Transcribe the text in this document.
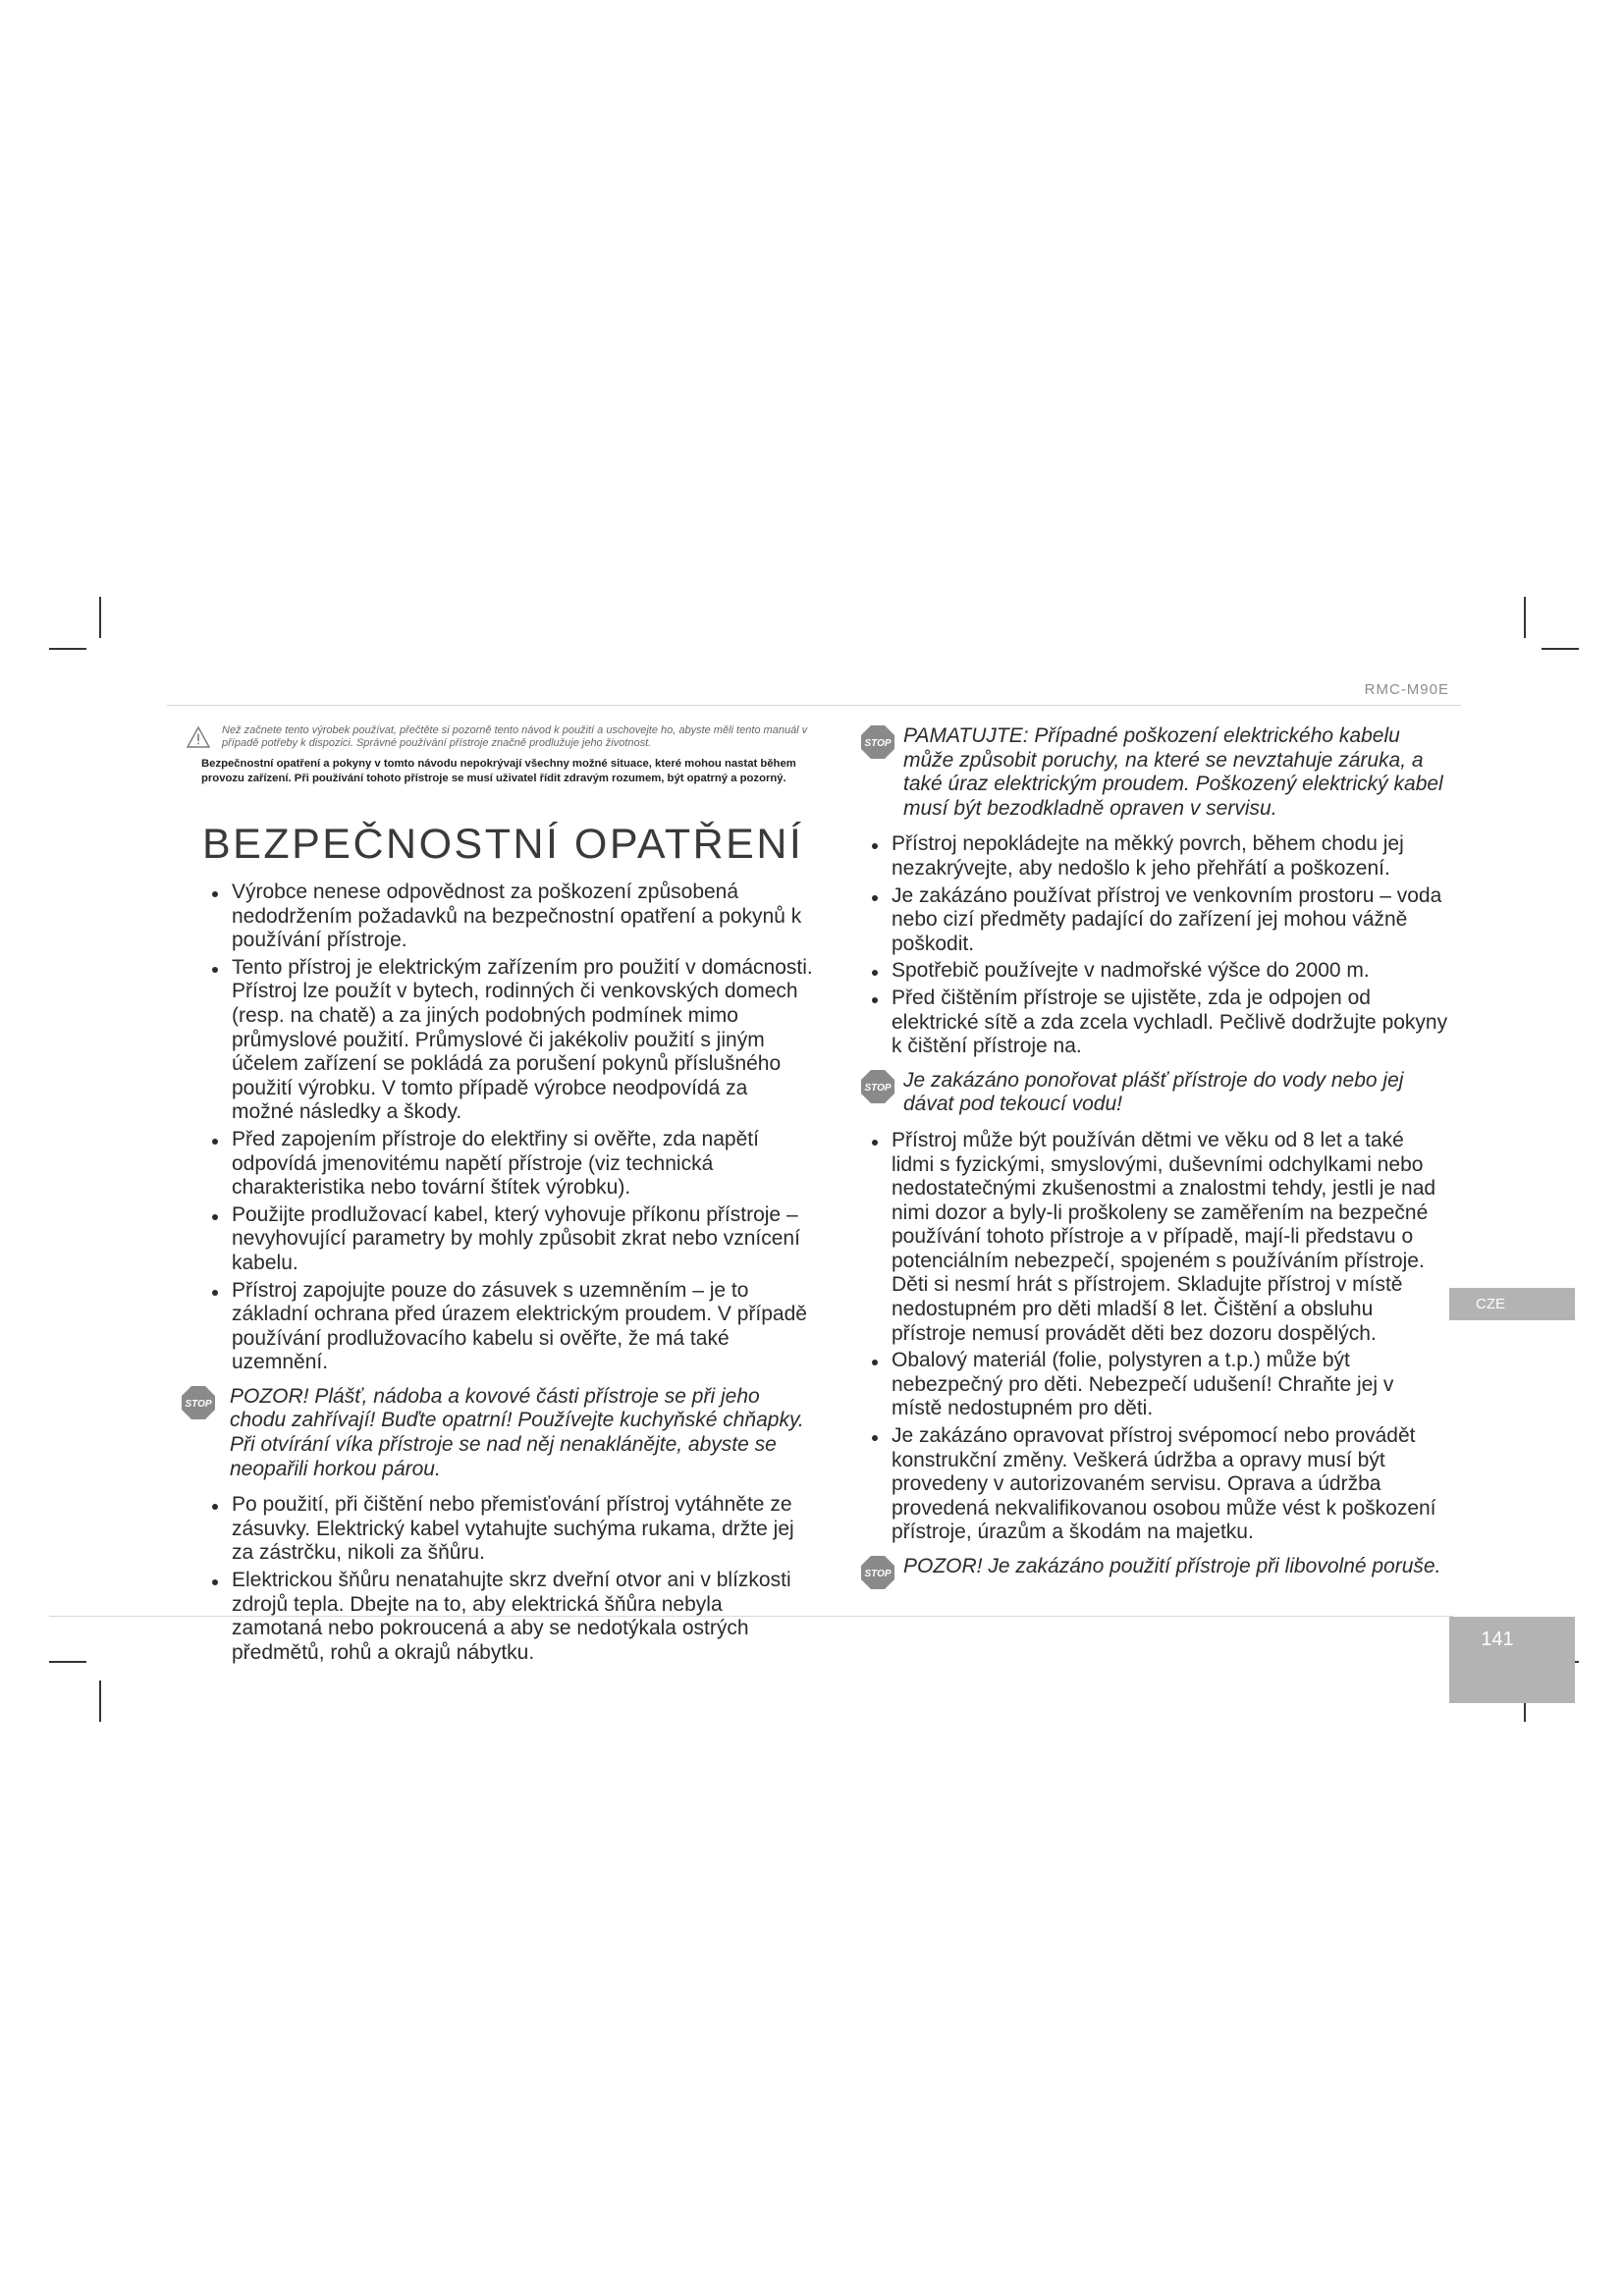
RMC-M90E

Než začnete tento výrobek používat, přečtěte si pozorně tento návod k použití a uschovejte ho, abyste měli tento manuál v případě potřeby k dispozici. Správné používání přístroje značně prodlužuje jeho životnost.

Bezpečnostní opatření a pokyny v tomto návodu nepokrývají všechny možné situace, které mohou nastat během provozu zařízení. Při používání tohoto přístroje se musí uživatel řídit zdravým rozumem, být opatrný a pozorný.

BEZPEČNOSTNÍ OPATŘENÍ
Výrobce nenese odpovědnost za poškození způsobená nedodržením požadavků na bezpečnostní opatření a pokynů k používání přístroje.
Tento přístroj je elektrickým zařízením pro použití v domácnosti. Přístroj lze použít v bytech, rodinných či venkovských domech (resp. na chatě) a za jiných podobných podmínek mimo průmyslové použití. Průmyslové či jakékoliv použití s jiným účelem zařízení se pokládá za porušení pokynů příslušného použití výrobku. V tomto případě výrobce neodpovídá za možné následky a škody.
Před zapojením přístroje do elektřiny si ověřte, zda napětí odpovídá jmenovitému napětí přístroje (viz technická charakteristika nebo tovární štítek výrobku).
Použijte prodlužovací kabel, který vyhovuje příkonu přístroje – nevyhovující parametry by mohly způsobit zkrat nebo vznícení kabelu.
Přístroj zapojujte pouze do zásuvek s uzemněním – je to základní ochrana před úrazem elektrickým proudem. V případě používání prodlužovacího kabelu si ověřte, že má také uzemnění.
STOP POZOR! Plášť, nádoba a kovové části přístroje se při jeho chodu zahřívají! Buďte opatrní! Používejte kuchyňské chňapky. Při otvírání víka přístroje se nad něj nenaklánějte, abyste se neopařili horkou párou.
Po použití, při čištění nebo přemisťování přístroj vytáhněte ze zásuvky. Elektrický kabel vytahujte suchýma rukama, držte jej za zástrčku, nikoli za šňůru.
Elektrickou šňůru nenatahujte skrz dveřní otvor ani v blízkosti zdrojů tepla. Dbejte na to, aby elektrická šňůra nebyla zamotaná nebo pokroucená a aby se nedotýkala ostrých předmětů, rohů a okrajů nábytku.
STOP PAMATUJTE: Případné poškození elektrického kabelu může způsobit poruchy, na které se nevztahuje záruka, a také úraz elektrickým proudem. Poškozený elektrický kabel musí být bezodkladně opraven v servisu.
Přístroj nepokládejte na měkký povrch, během chodu jej nezakrývejte, aby nedošlo k jeho přehřátí a poškození.
Je zakázáno používat přístroj ve venkovním prostoru – voda nebo cizí předměty padající do zařízení jej mohou vážně poškodit.
Spotřebič používejte v nadmořské výšce do 2000 m.
Před čištěním přístroje se ujistěte, zda je odpojen od elektrické sítě a zda zcela vychladl. Pečlivě dodržujte pokyny k čištění přístroje na.
STOP Je zakázáno ponořovat plášť přístroje do vody nebo jej dávat pod tekoucí vodu!
Přístroj může být používán dětmi ve věku od 8 let a také lidmi s fyzickými, smyslovými, duševními odchylkami nebo nedostatečnými zkušenostmi a znalostmi tehdy, jestli je nad nimi dozor a byly-li proškoleny se zaměřením na bezpečné používání tohoto přístroje a v případě, mají-li představu o potenciálním nebezpečí, spojeném s používáním přístroje. Děti si nesmí hrát s přístrojem. Skladujte přístroj v místě nedostupném pro děti mladší 8 let. Čištění a obsluhu přístroje nemusí provádět děti bez dozoru dospělých.
Obalový materiál (folie, polystyren a t.p.) může být nebezpečný pro děti. Nebezpečí udušení! Chraňte jej v místě nedostupném pro děti.
Je zakázáno opravovat přístroj svépomocí nebo provádět konstrukční změny. Veškerá údržba a opravy musí být provedeny v autorizovaném servisu. Oprava a údržba provedená nekvalifikovanou osobou může vést k poškození přístroje, úrazům a škodám na majetku.
STOP POZOR! Je zakázáno použití přístroje při libovolné poruše.
CZE
141
